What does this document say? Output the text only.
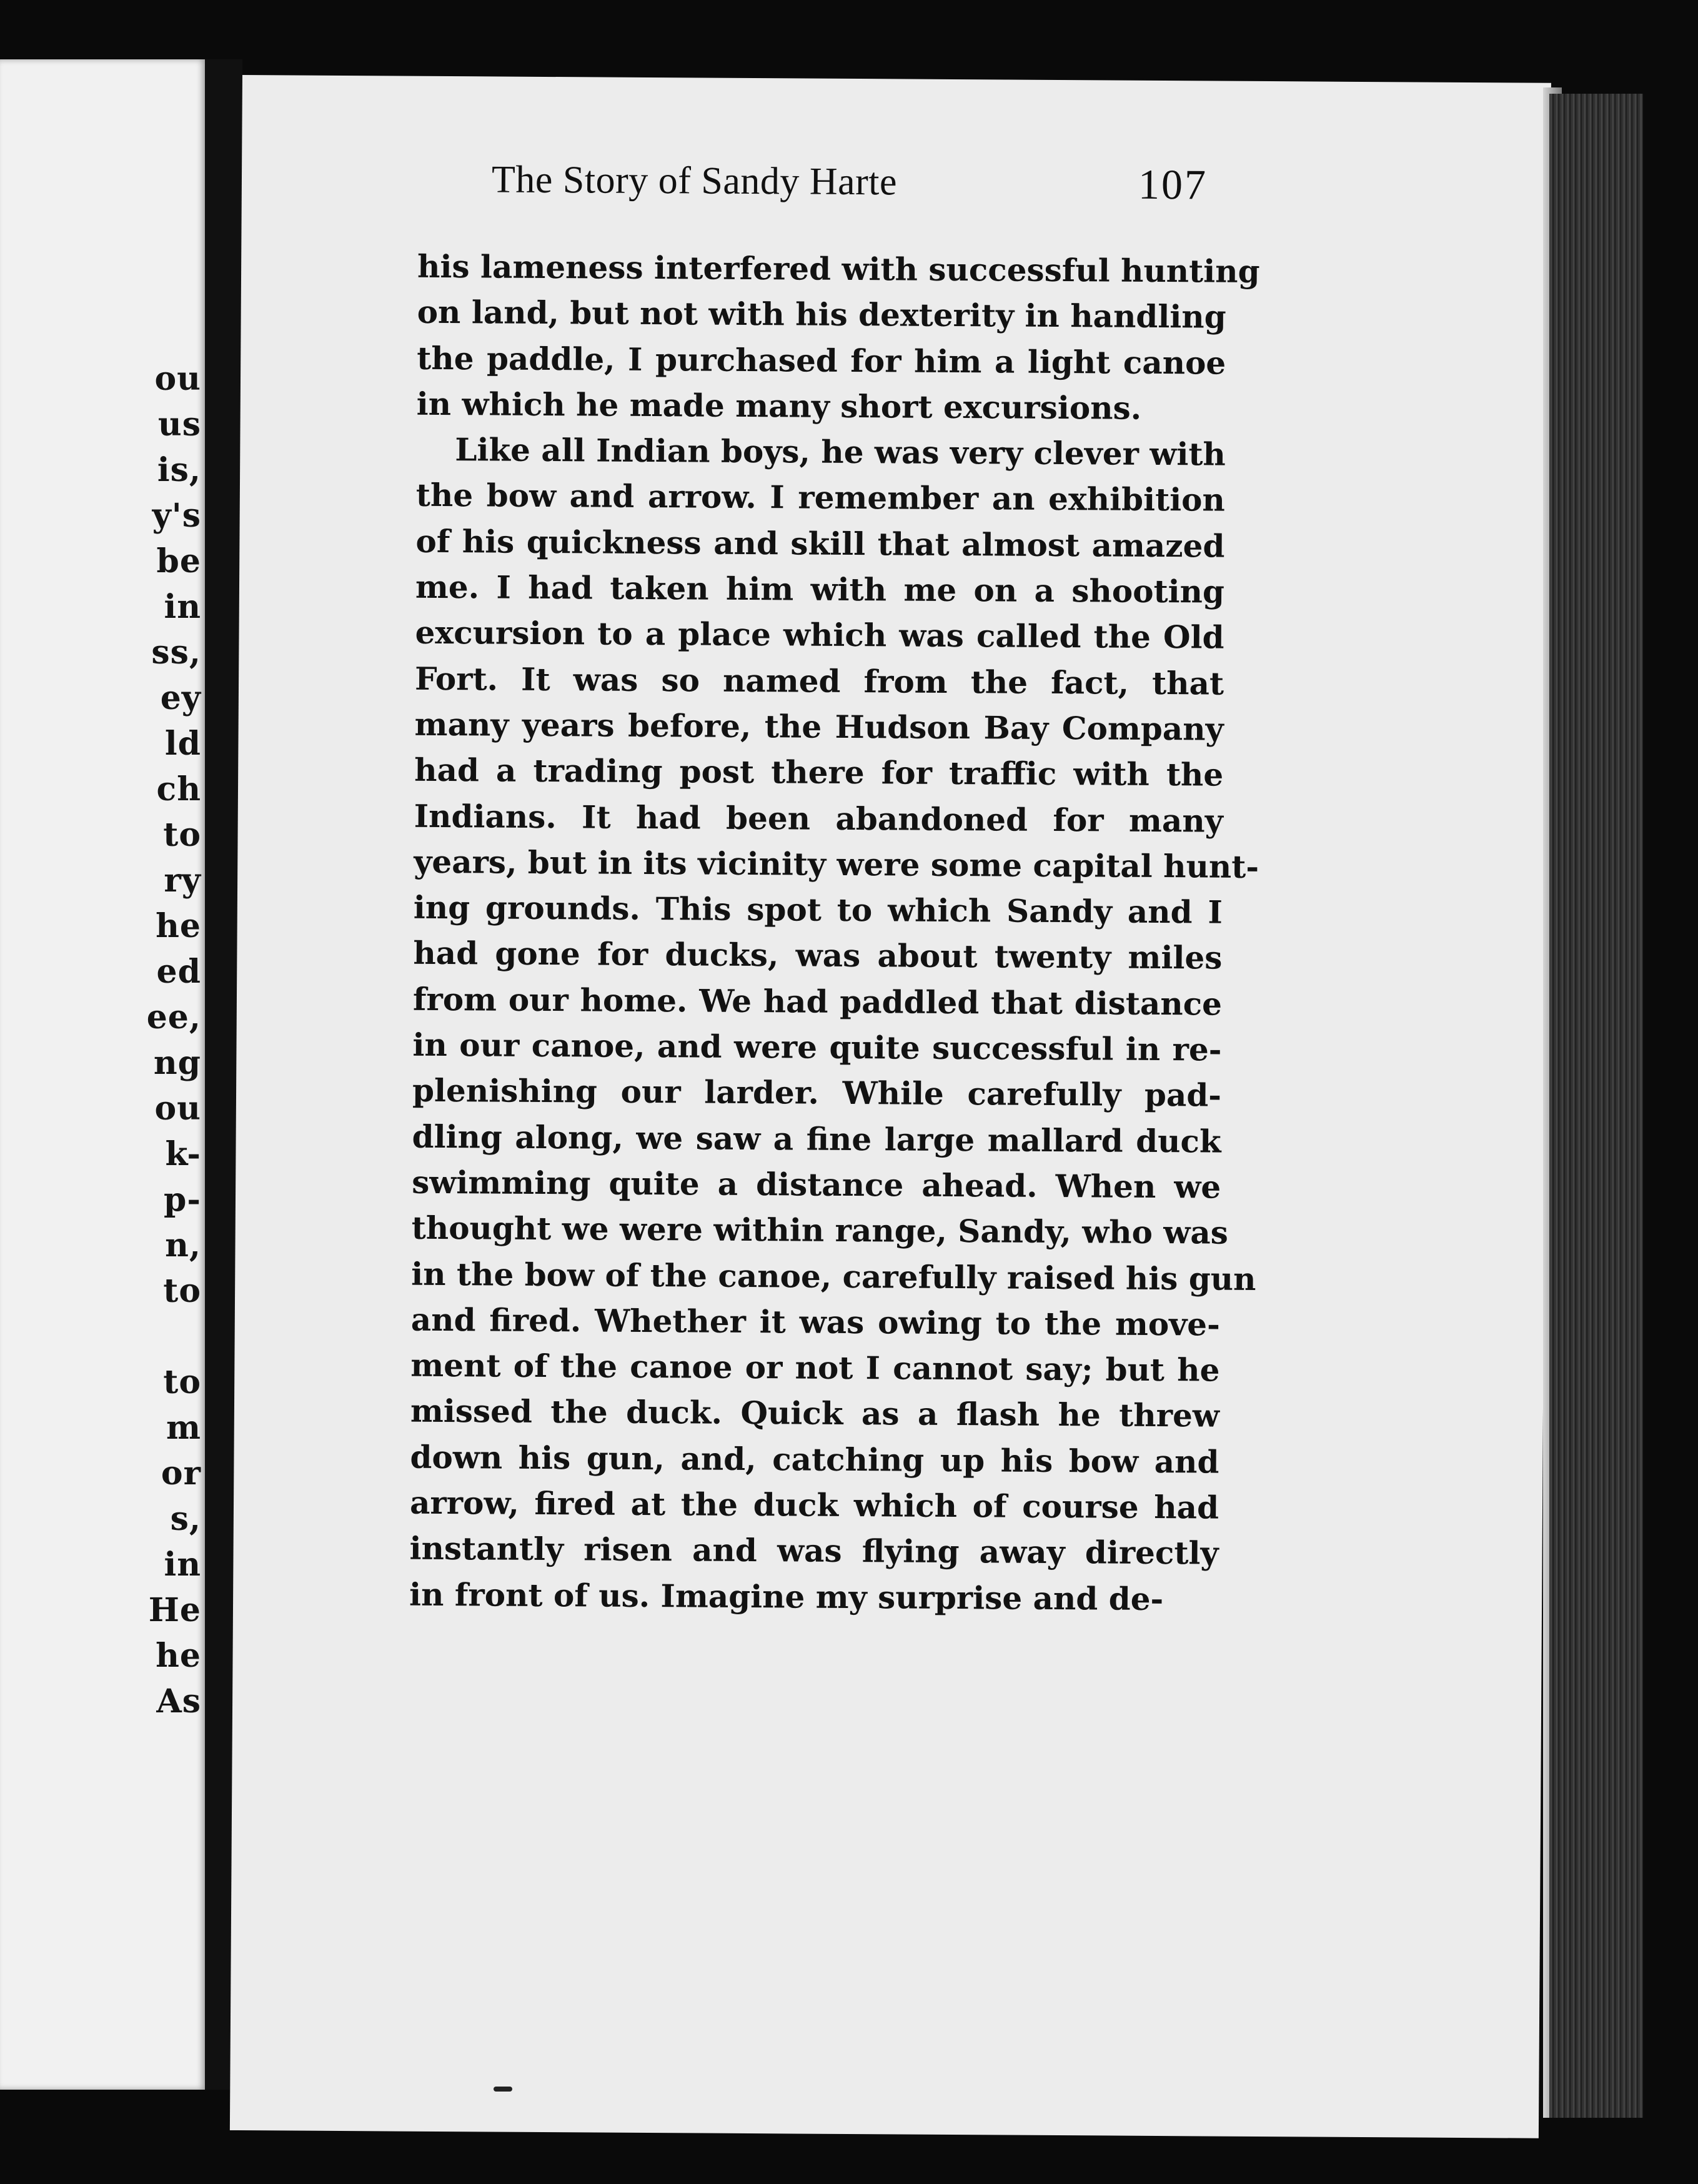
ou
us
is,
y's
be
in
ss,
ey
ld
ch
to
ry
he
ed
ee,
ng
ou
k-
p-
n,
to
to
m
or
s,
in
He
he
As
The Story of Sandy Harte	107
his lameness interfered with successful hunting
on land, but not with his dexterity in handling
the paddle, I purchased for him a light canoe
in which he made many short excursions.
Like all Indian boys, he was very clever with
the bow and arrow. I remember an exhibition
of his quickness and skill that almost amazed
me. I had taken him with me on a shooting
excursion to a place which was called the Old
Fort. It was so named from the fact, that
many years before, the Hudson Bay Company
had a trading post there for traffic with the
Indians. It had been abandoned for many
years, but in its vicinity were some capital hunt-
ing grounds. This spot to which Sandy and I
had gone for ducks, was about twenty miles
from our home. We had paddled that distance
in our canoe, and were quite successful in re-
plenishing our larder. While carefully pad-
dling along, we saw a fine large mallard duck
swimming quite a distance ahead. When we
thought we were within range, Sandy, who was
in the bow of the canoe, carefully raised his gun
and fired. Whether it was owing to the move-
ment of the canoe or not I cannot say; but he
missed the duck. Quick as a flash he threw
down his gun, and, catching up his bow and
arrow, fired at the duck which of course had
instantly risen and was flying away directly
in front of us. Imagine my surprise and de-
